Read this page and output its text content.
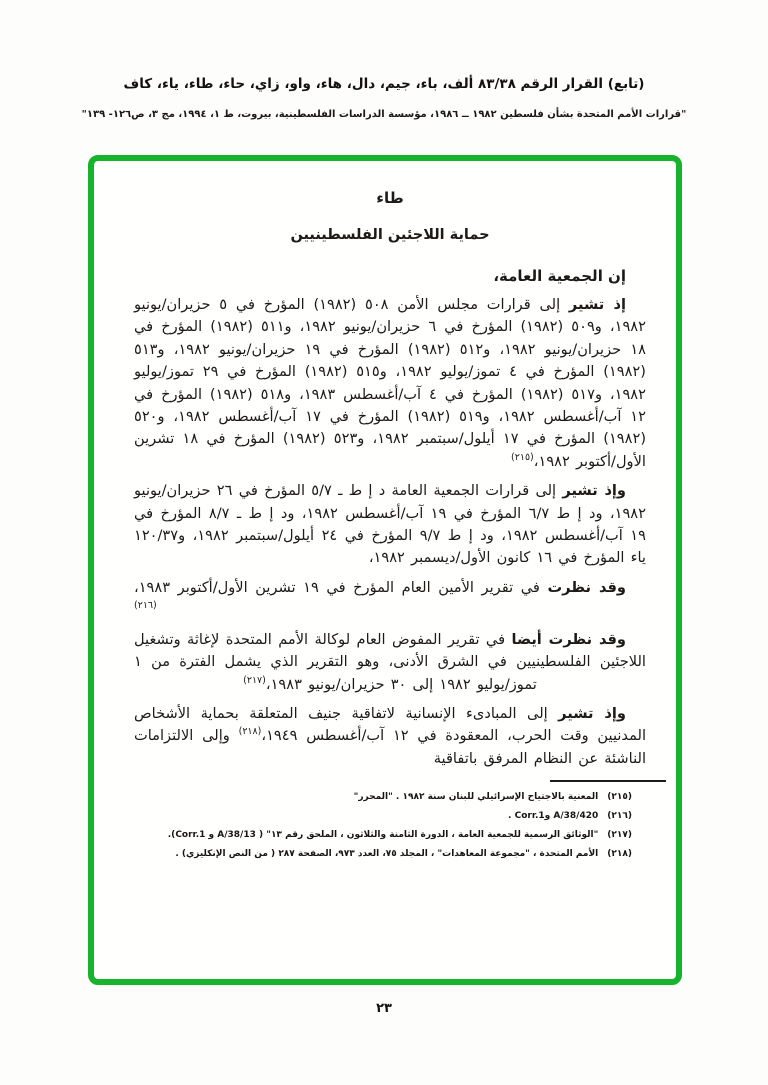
(تابع) القرار الرقم ٨٣/٣٨ ألف، باء، جيم، دال، هاء، واو، زاي، حاء، طاء، ياء، كاف
"قرارات الأمم المتحدة بشأن فلسطين ١٩٨٢ ــ ١٩٨٦، مؤسسة الدراسات الفلسطينية، بيروت، ط ١، ١٩٩٤، مج ٣، ص١٢٦- ١٣٩"
طاء
حماية اللاجئين الفلسطينيين
إن الجمعية العامة،
إذ تشير إلى قرارات مجلس الأمن ٥٠٨ (١٩٨٢) المؤرخ في ٥ حزيران/يونيو ١٩٨٢، و٥٠٩ (١٩٨٢) المؤرخ في ٦ حزيران/يونيو ١٩٨٢، و٥١١ (١٩٨٢) المؤرخ في ١٨ حزيران/يونيو ١٩٨٢، و٥١٢ (١٩٨٢) المؤرخ في ١٩ حزيران/يونيو ١٩٨٢، و٥١٣ (١٩٨٢) المؤرخ في ٤ تموز/يوليو ١٩٨٢، و٥١٥ (١٩٨٢) المؤرخ في ٢٩ تموز/يوليو ١٩٨٢، و٥١٧ (١٩٨٢) المؤرخ في ٤ آب/أغسطس ١٩٨٣، و٥١٨ (١٩٨٢) المؤرخ في ١٢ آب/أغسطس ١٩٨٢، و٥١٩ (١٩٨٢) المؤرخ في ١٧ آب/أغسطس ١٩٨٢، و٥٢٠ (١٩٨٢) المؤرخ في ١٧ أيلول/سبتمبر ١٩٨٢، و٥٢٣ (١٩٨٢) المؤرخ في ١٨ تشرين الأول/أكتوبر ١٩٨٢،$^{(٢١٥)}$
وإذ تشير إلى قرارات الجمعية العامة د إ ط ـ ٥/٧ المؤرخ في ٢٦ حزيران/يونيو ١٩٨٢، ود إ ط ٦/٧ المؤرخ في ١٩ آب/أغسطس ١٩٨٢، ود إ ط ـ ٨/٧ المؤرخ في ١٩ آب/أغسطس ١٩٨٢، ود إ ط ٩/٧ المؤرخ في ٢٤ أيلول/سبتمبر ١٩٨٢، و١٢٠/٣٧ ياء المؤرخ في ١٦ كانون الأول/ديسمبر ١٩٨٢،
وقد نظرت في تقرير الأمين العام المؤرخ في ١٩ تشرين الأول/أكتوبر ١٩٨٣،$^{(٢١٦)}$
وقد نظرت أيضا في تقرير المفوض العام لوكالة الأمم المتحدة لإغاثة وتشغيل اللاجئين الفلسطينيين في الشرق الأدنى، وهو التقرير الذي يشمل الفترة من ١ تموز/يوليو ١٩٨٢ إلى ٣٠ حزيران/يونيو ١٩٨٣،$^{(٢١٧)}$
وإذ تشير إلى المبادىء الإنسانية لاتفاقية جنيف المتعلقة بحماية الأشخاص المدنيين وقت الحرب، المعقودة في ١٢ آب/أغسطس ١٩٤٩،$^{(٢١٨)}$ وإلى الالتزامات الناشئة عن النظام المرفق باتفاقية
(٢١٥)
المعنية بالاجتياح الإسرائيلي للبنان سنة ١٩٨٢ . "المحرر"
(٢١٦)
A/38/420 وCorr.1 .
(٢١٧)
"الوثائق الرسمية للجمعية العامة ، الدورة الثامنة والثلاثون ، الملحق رقم ١٣" ( A/38/13 و Corr.1).
(٢١٨)
الأمم المتحدة ، "مجموعة المعاهدات" ، المجلد ٧٥، العدد ٩٧٣، الصفحة ٢٨٧ ( من النص الإنكليزي) .
٢٣
